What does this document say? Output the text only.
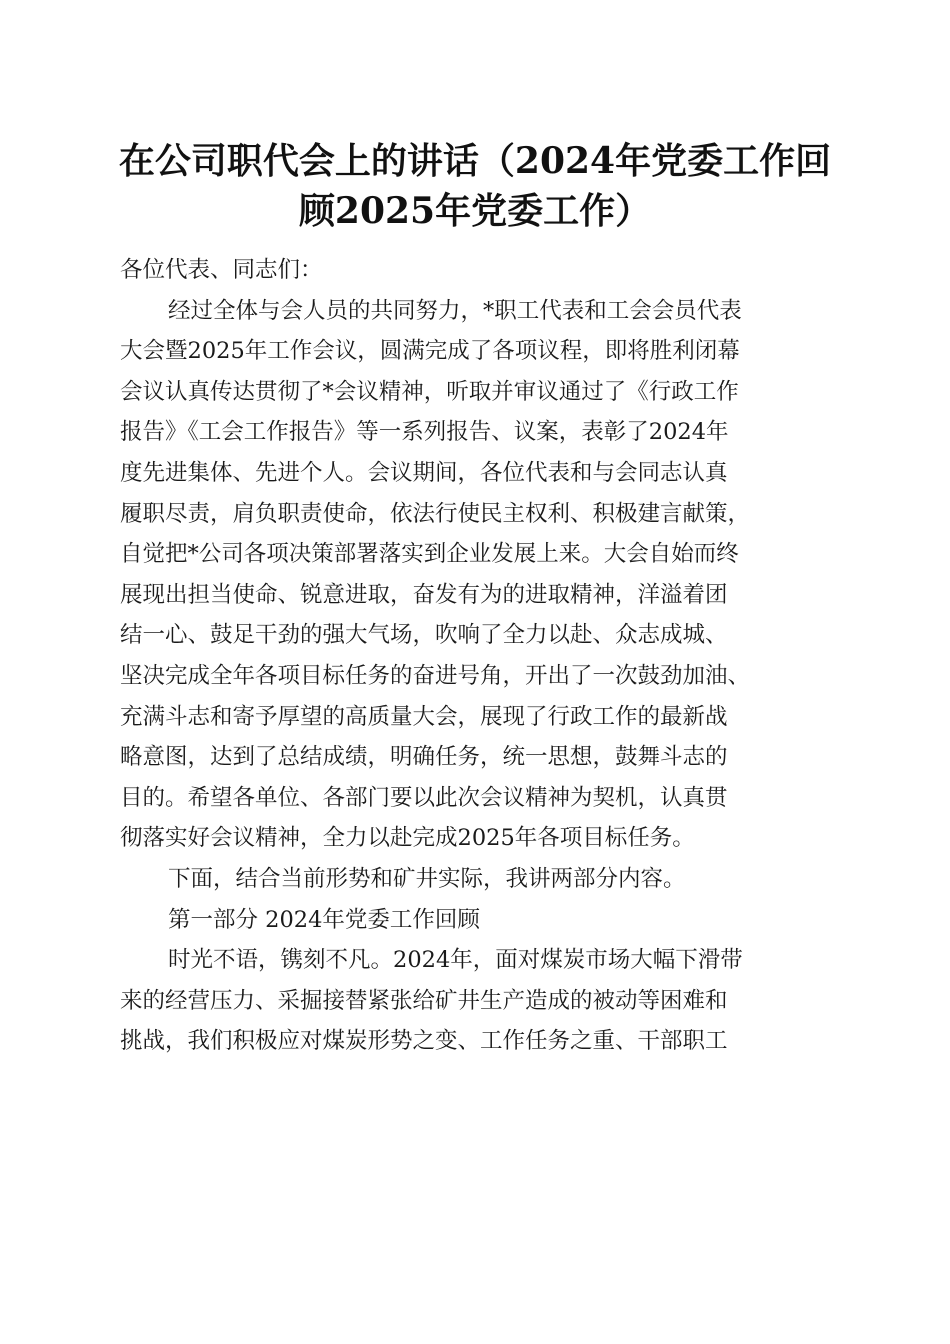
在公司职代会上的讲话（2024年党委工作回
顾2025年党委工作）
各位代表、同志们：
经过全体与会人员的共同努力，*职工代表和工会会员代表
大会暨2025年工作会议，圆满完成了各项议程，即将胜利闭幕
会议认真传达贯彻了*会议精神，听取并审议通过了《行政工作
报告》《工会工作报告》等一系列报告、议案，表彰了2024年
度先进集体、先进个人。会议期间，各位代表和与会同志认真
履职尽责，肩负职责使命，依法行使民主权利、积极建言献策，
自觉把*公司各项决策部署落实到企业发展上来。大会自始而终
展现出担当使命、锐意进取，奋发有为的进取精神，洋溢着团
结一心、鼓足干劲的强大气场，吹响了全力以赴、众志成城、
坚决完成全年各项目标任务的奋进号角，开出了一次鼓劲加油、
充满斗志和寄予厚望的高质量大会，展现了行政工作的最新战
略意图，达到了总结成绩，明确任务，统一思想，鼓舞斗志的
目的。希望各单位、各部门要以此次会议精神为契机，认真贯
彻落实好会议精神，全力以赴完成2025年各项目标任务。
下面，结合当前形势和矿井实际，我讲两部分内容。
第一部分 2024年党委工作回顾
时光不语，镌刻不凡。2024年，面对煤炭市场大幅下滑带
来的经营压力、采掘接替紧张给矿井生产造成的被动等困难和
挑战，我们积极应对煤炭形势之变、工作任务之重、干部职工
